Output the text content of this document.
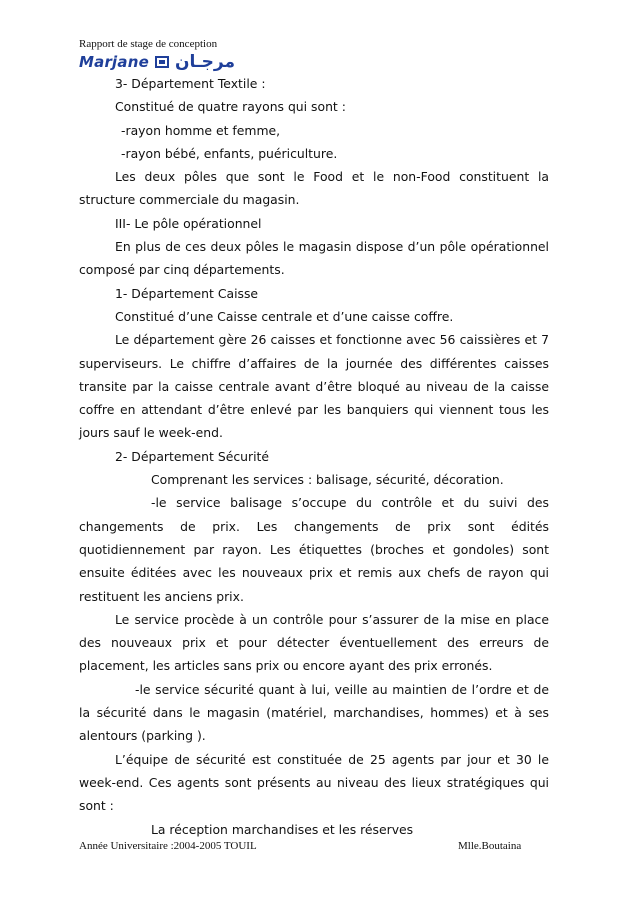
Rapport de stage de conception
Marjane مرجـان

3- Département Textile :

Constitué de quatre rayons qui sont :

-rayon homme et femme,

-rayon bébé, enfants, puériculture.

Les deux pôles que sont le Food et le non-Food constituent la structure commerciale du magasin.

III- Le pôle opérationnel

En plus de ces deux pôles le magasin dispose d’un pôle opérationnel composé par cinq départements.

1- Département Caisse

Constitué d’une Caisse centrale et d’une caisse coffre.

Le département gère 26 caisses et fonctionne avec 56 caissières et 7 superviseurs. Le chiffre d’affaires de la journée des différentes caisses transite par la caisse centrale avant d’être bloqué au niveau de la caisse coffre en attendant d’être enlevé par les banquiers qui viennent tous les jours sauf le week-end.

2- Département Sécurité

Comprenant les services : balisage, sécurité, décoration.

-le service balisage s’occupe du contrôle et du suivi des changements de prix. Les changements de prix sont édités quotidiennement par rayon. Les étiquettes (broches et gondoles) sont ensuite éditées avec les nouveaux prix et remis aux chefs de rayon qui restituent les anciens prix.

Le service procède à un contrôle pour s’assurer de la mise en place des nouveaux prix et pour détecter éventuellement des erreurs de placement, les articles sans prix ou encore ayant des prix erronés.

-le service sécurité quant à lui, veille au maintien de l’ordre et de la sécurité dans le magasin (matériel, marchandises, hommes) et à ses alentours (parking ).

L’équipe de sécurité est constituée de 25 agents par jour et 30 le week-end. Ces agents sont présents au niveau des lieux stratégiques qui sont :

La réception marchandises et les réserves

Année Universitaire :2004-2005 TOUIL	Mlle.Boutaina
